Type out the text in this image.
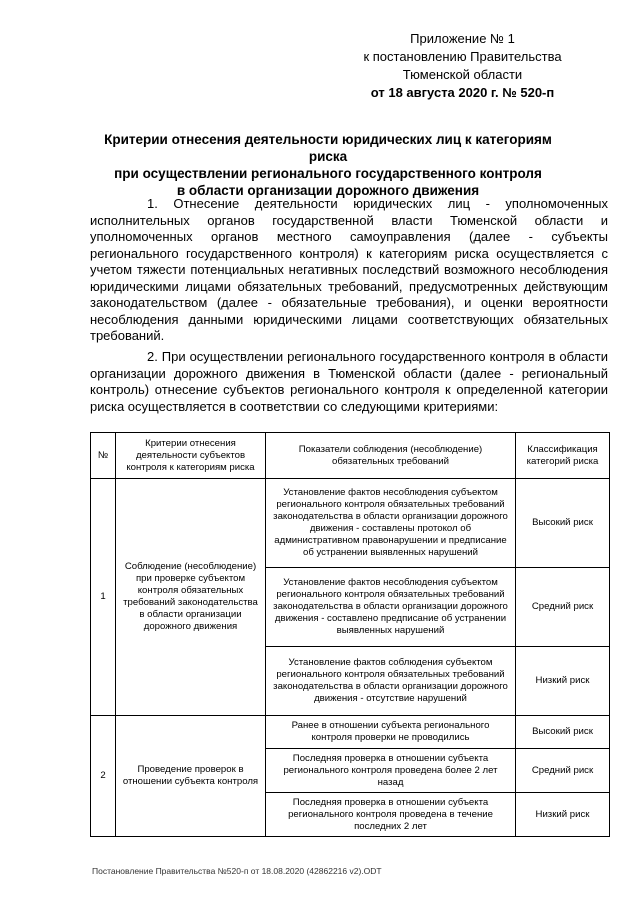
Приложение № 1
к постановлению Правительства
Тюменской области
от 18 августа 2020 г. № 520-п
Критерии отнесения деятельности юридических лиц к категориям риска
при осуществлении регионального государственного контроля
в области организации дорожного движения

1. Отнесение деятельности юридических лиц - уполномоченных исполнительных органов государственной власти Тюменской области и уполномоченных органов местного самоуправления (далее - субъекты регионального государственного контроля) к категориям риска осуществляется с учетом тяжести потенциальных негативных последствий возможного несоблюдения юридическими лицами обязательных требований, предусмотренных действующим законодательством (далее - обязательные требования), и оценки вероятности несоблюдения данными юридическими лицами соответствующих обязательных требований.

2. При осуществлении регионального государственного контроля в области организации дорожного движения в Тюменской области (далее - региональный контроль) отнесение субъектов регионального контроля к определенной категории риска осуществляется в соответствии со следующими критериями:

№	Критерии отнесения деятельности субъектов контроля к категориям риска	Показатели соблюдения (несоблюдение) обязательных требований	Классификация категорий риска
1	Соблюдение (несоблюдение) при проверке субъектом контроля обязательных требований законодательства в области организации дорожного движения	Установление фактов несоблюдения субъектом регионального контроля обязательных требований законодательства в области организации дорожного движения - составлены протокол об административном правонарушении и предписание об устранении выявленных нарушений	Высокий риск
		Установление фактов несоблюдения субъектом регионального контроля обязательных требований законодательства в области организации дорожного движения - составлено предписание об устранении выявленных нарушений	Средний риск
		Установление фактов соблюдения субъектом регионального контроля обязательных требований законодательства в области организации дорожного движения - отсутствие нарушений	Низкий риск
2	Проведение проверок в отношении субъекта контроля	Ранее в отношении субъекта регионального контроля проверки не проводились	Высокий риск
		Последняя проверка в отношении субъекта регионального контроля проведена более 2 лет назад	Средний риск
		Последняя проверка в отношении субъекта регионального контроля проведена в течение последних 2 лет	Низкий риск
Постановление Правительства №520-п от 18.08.2020 (42862216 v2).ODT
